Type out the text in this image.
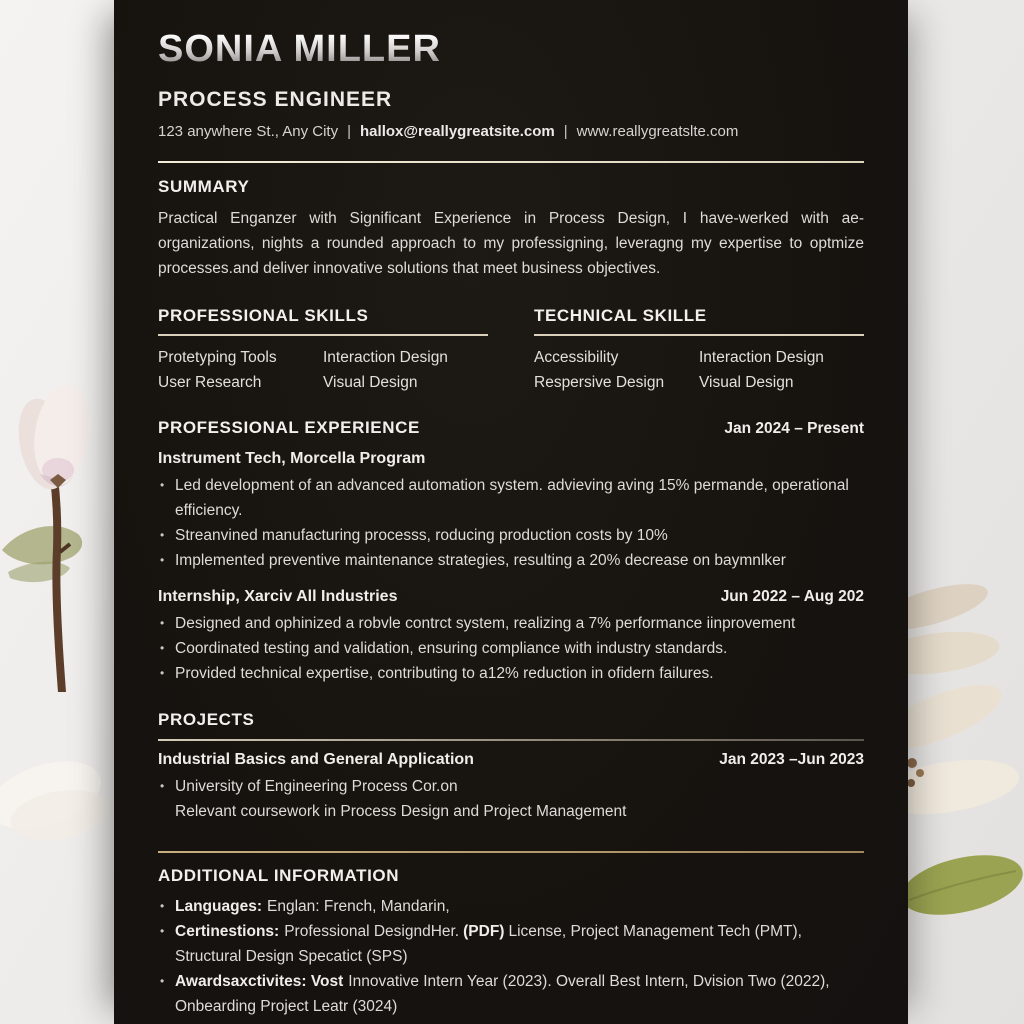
SONIA MILLER
PROCESS ENGINEER
123 anywhere St., Any City | hallox@reallygreatsite.com | www.reallygreatslte.com
SUMMARY
Practical Enganzer with Significant Experience in Process Design, I have-werked with ae- organizations, nights a rounded approach to my professigning, leveragng my expertise to optmize processes.and deliver innovative solutions that meet business objectives.
PROFESSIONAL SKILLS
Protetyping Tools	Interaction Design
User Research	Visual Design
TECHNICAL SKILLE
Accessibility	Interaction Design
Respersive Design	Visual Design
PROFESSIONAL EXPERIENCE	Jan 2024 – Present
Instrument Tech, Morcella Program
• Led development of an advanced automation system. advieving aving 15% permande, operational efficiency.
• Streanvined manufacturing processs, roducing production costs by 10%
• Implemented preventive maintenance strategies, resulting a 20% decrease on baymnlker
Internship, Xarciv All Industries	Jun 2022 – Aug 202
• Designed and ophinized a robvle contrct system, realizing a 7% performance iinprovement
• Coordinated testing and validation, ensuring compliance with industry standards.
• Provided technical expertise, contributing to a12% reduction in ofidern failures.
PROJECTS
Industrial Basics and General Application	Jan 2023 –Jun 2023
• University of Engineering Process Cor.on
Relevant coursework in Process Design and Project Management
ADDITIONAL INFORMATION
• Languages: Englan: French, Mandarin,
• Certinestions: Professional DesigndHer. (PDF) License, Project Management Tech (PMT), Structural Design Specatict (SPS)
• Awardsaxctivites: Vost Innovative Intern Year (2023). Overall Best Intern, Dvision Two (2022), Onbearding Project Leatr (3024)
